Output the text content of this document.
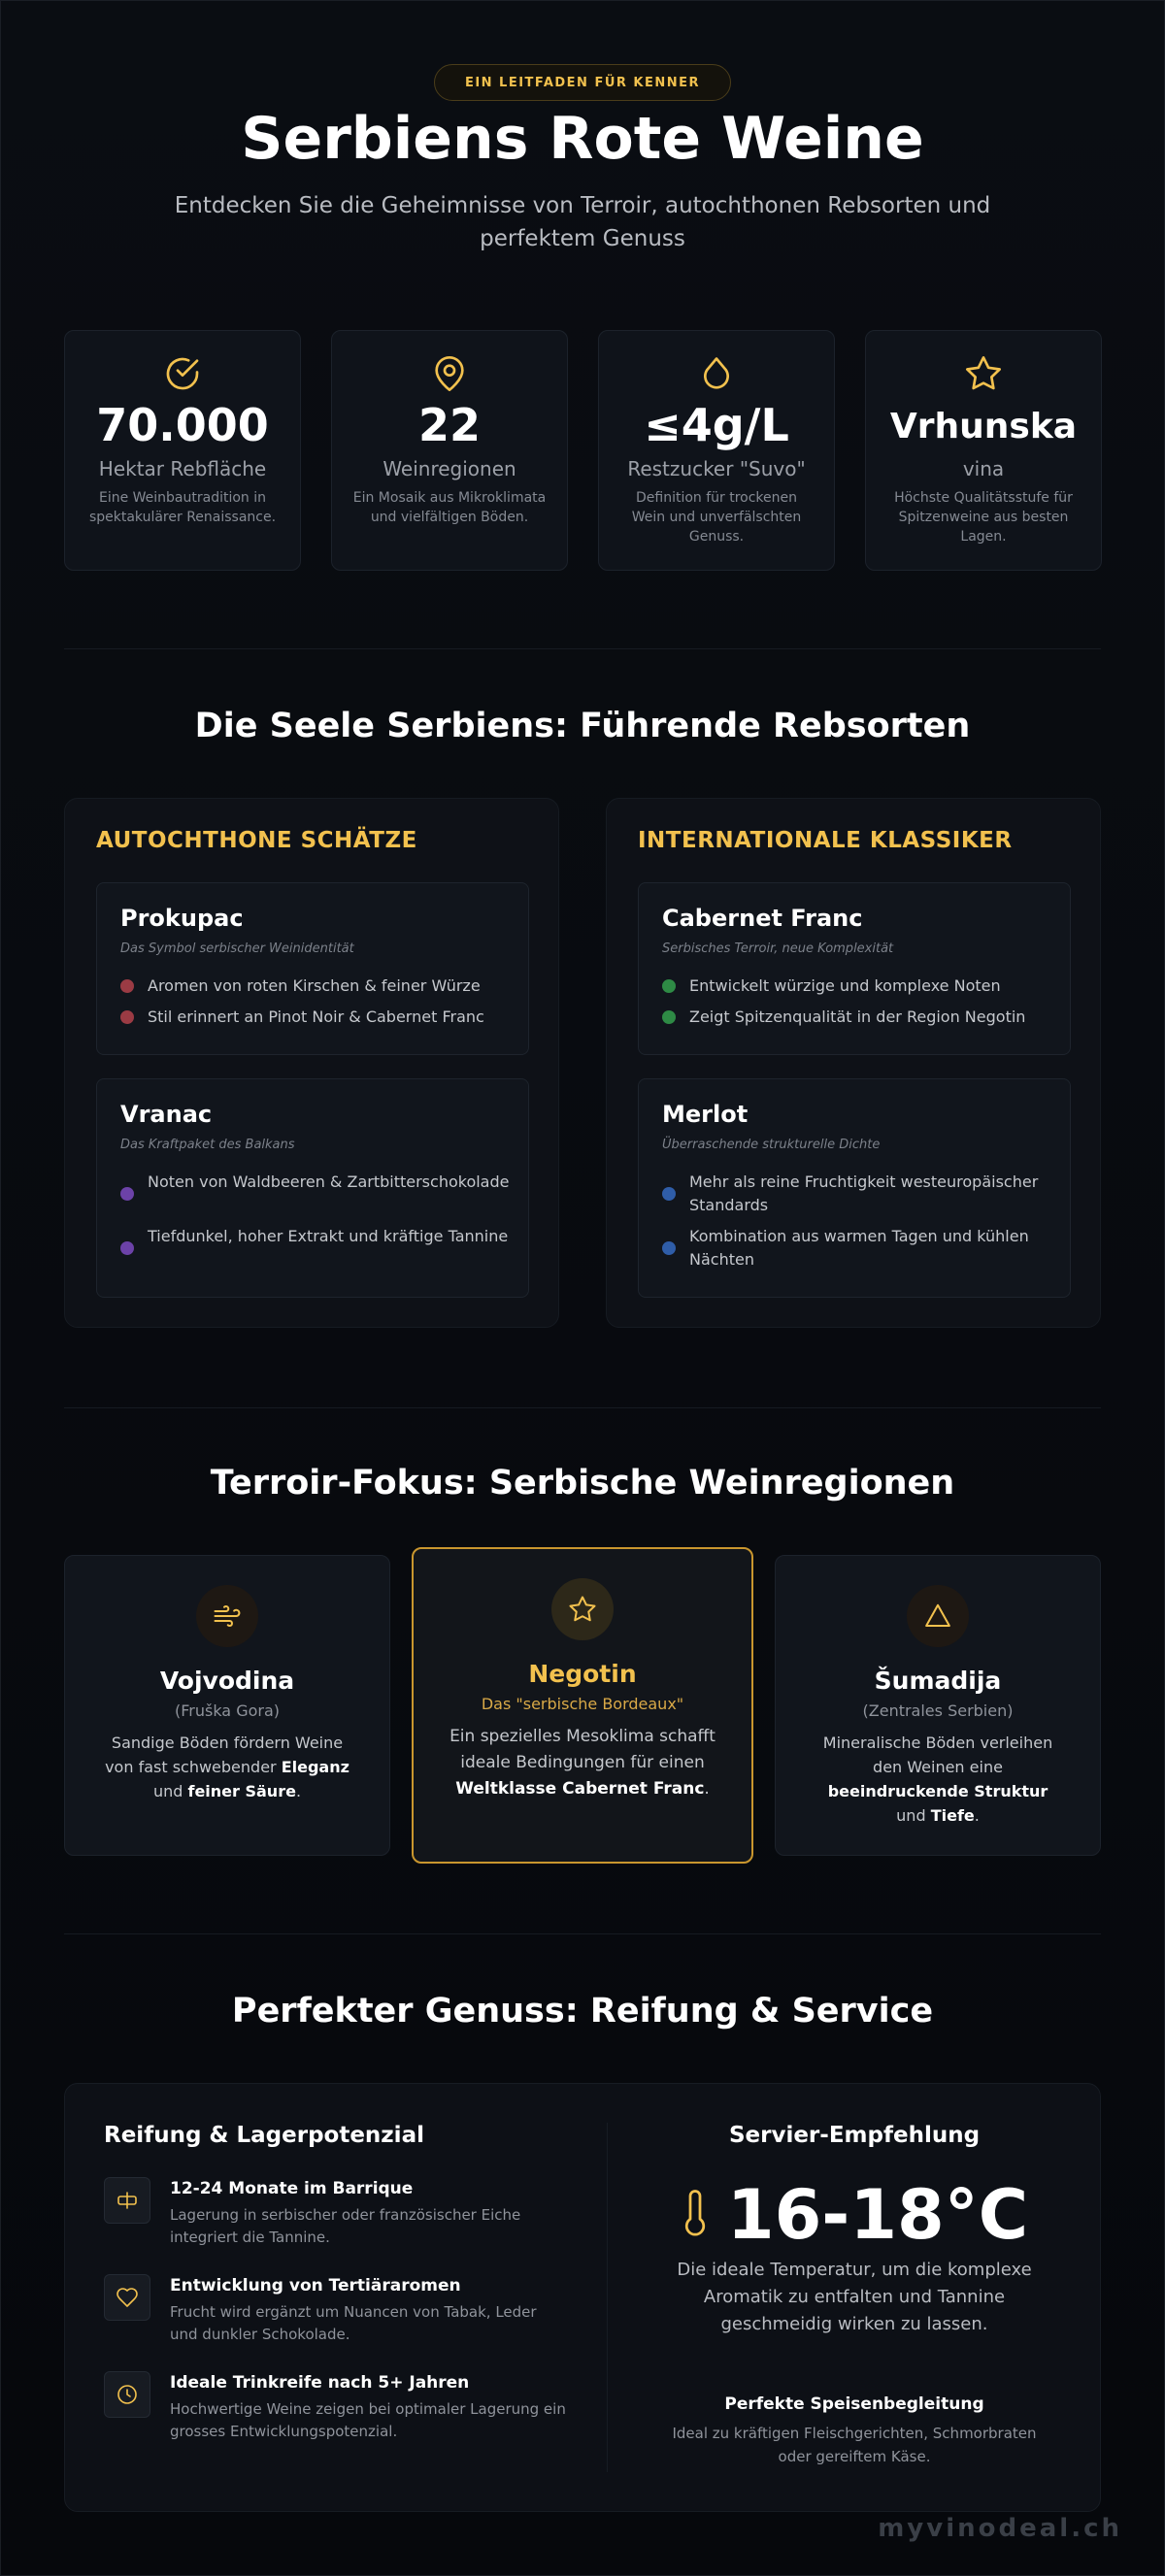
EIN LEITFADEN FÜR KENNER
Serbiens Rote Weine

Entdecken Sie die Geheimnisse von Terroir, autochthonen Rebsorten und perfektem Genuss

70.000
Hektar Rebfläche
Eine Weinbautradition in spektakulärer Renaissance.
22
Weinregionen
Ein Mosaik aus Mikroklimata und vielfältigen Böden.
≤4g/L
Restzucker "Suvo"
Definition für trockenen Wein und unverfälschten Genuss.
Vrhunska
vina
Höchste Qualitätsstufe für Spitzenweine aus besten Lagen.
Die Seele Serbiens: Führende Rebsorten
AUTOCHTHONE SCHÄTZE
Prokupac
Das Symbol serbischer Weinidentität
Aromen von roten Kirschen & feiner Würze
Stil erinnert an Pinot Noir & Cabernet Franc
Vranac
Das Kraftpaket des Balkans
Noten von Waldbeeren & Zartbitterschokolade
Tiefdunkel, hoher Extrakt und kräftige Tannine
INTERNATIONALE KLASSIKER
Cabernet Franc
Serbisches Terroir, neue Komplexität
Entwickelt würzige und komplexe Noten
Zeigt Spitzenqualität in der Region Negotin
Merlot
Überraschende strukturelle Dichte
Mehr als reine Fruchtigkeit westeuropäischer Standards
Kombination aus warmen Tagen und kühlen Nächten
Terroir-Fokus: Serbische Weinregionen
Vojvodina
(Fruška Gora)
Sandige Böden fördern Weine von fast schwebender Eleganz und feiner Säure.
Negotin
Das "serbische Bordeaux"
Ein spezielles Mesoklima schafft ideale Bedingungen für einen Weltklasse Cabernet Franc.
Šumadija
(Zentrales Serbien)
Mineralische Böden verleihen den Weinen eine beeindruckende Struktur und Tiefe.
Perfekter Genuss: Reifung & Service
Reifung & Lagerpotenzial
12-24 Monate im Barrique
Lagerung in serbischer oder französischer Eiche integriert die Tannine.
Entwicklung von Tertiäraromen
Frucht wird ergänzt um Nuancen von Tabak, Leder und dunkler Schokolade.
Ideale Trinkreife nach 5+ Jahren
Hochwertige Weine zeigen bei optimaler Lagerung ein grosses Entwicklungspotenzial.
Servier-Empfehlung
16-18°C
Die ideale Temperatur, um die komplexe Aromatik zu entfalten und Tannine geschmeidig wirken zu lassen.
Perfekte Speisenbegleitung
Ideal zu kräftigen Fleischgerichten, Schmorbraten oder gereiftem Käse.
myvinodeal.ch
